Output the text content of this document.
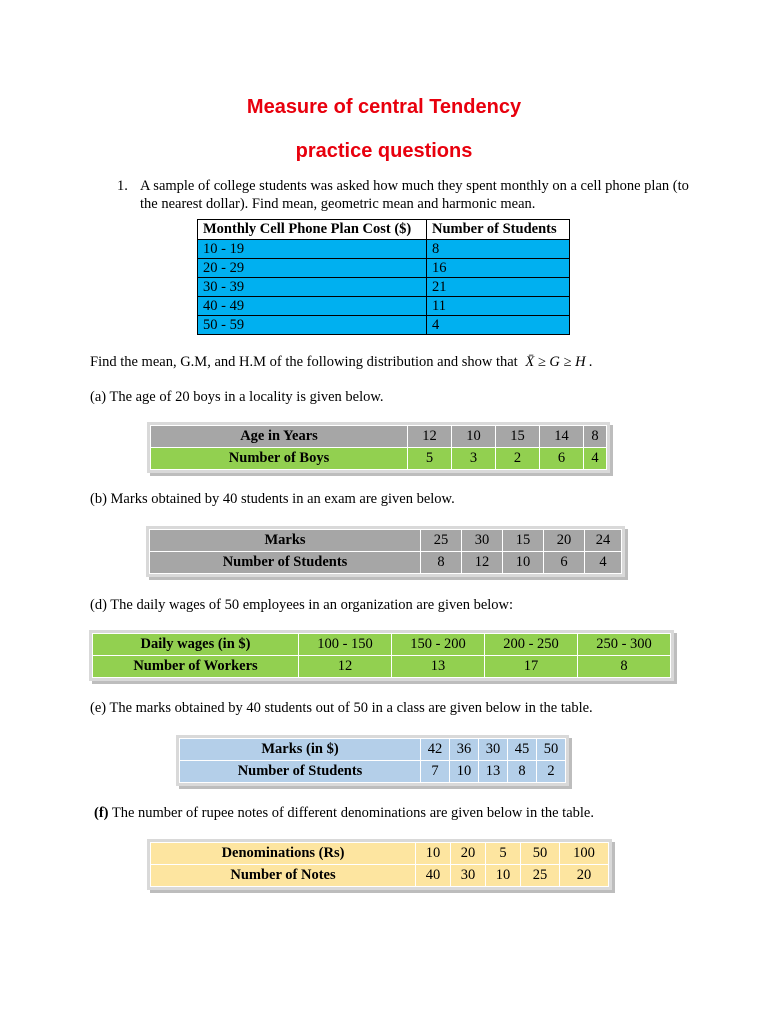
Measure of central Tendency
practice questions
1. A sample of college students was asked how much they spent monthly on a cell phone plan (to the nearest dollar). Find mean, geometric mean and harmonic mean.
Monthly Cell Phone Plan Cost ($)	Number of Students
10 - 19	8
20 - 29	16
30 - 39	21
40 - 49	11
50 - 59	4
Find the mean, G.M, and H.M of the following distribution and show that X̄ ≥ G ≥ H .
(a) The age of 20 boys in a locality is given below.
Age in Years	12	10	15	14	8
Number of Boys	5	3	2	6	4
(b) Marks obtained by 40 students in an exam are given below.
Marks	25	30	15	20	24
Number of Students	8	12	10	6	4
(d) The daily wages of 50 employees in an organization are given below:
Daily wages (in $)	100 - 150	150 - 200	200 - 250	250 - 300
Number of Workers	12	13	17	8
(e) The marks obtained by 40 students out of 50 in a class are given below in the table.
Marks (in $)	42	36	30	45	50
Number of Students	7	10	13	8	2
(f) The number of rupee notes of different denominations are given below in the table.
Denominations (Rs)	10	20	5	50	100
Number of Notes	40	30	10	25	20
